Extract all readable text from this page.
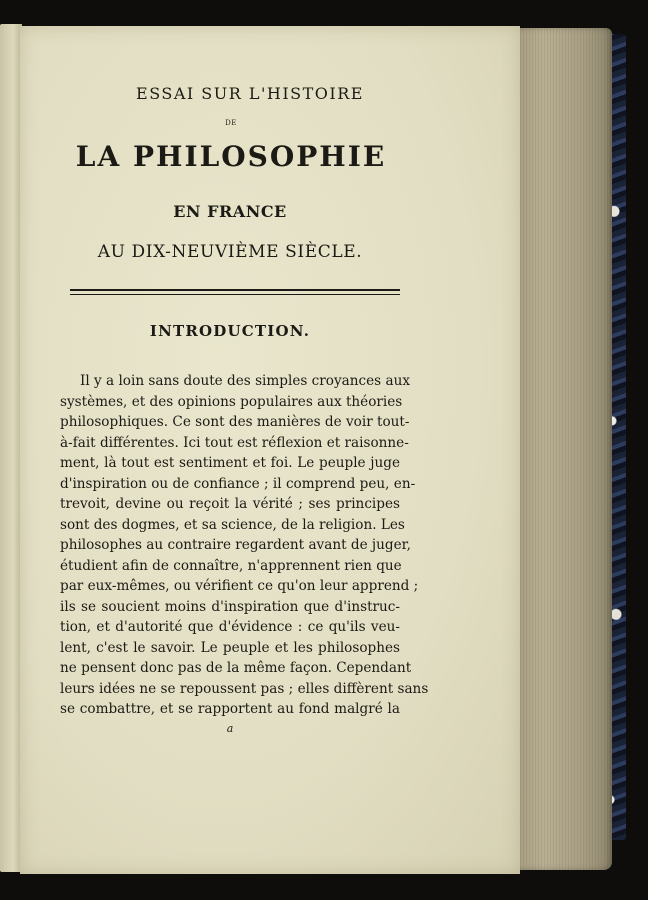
ESSAI SUR L'HISTOIRE
DE
LA PHILOSOPHIE
EN FRANCE
AU DIX-NEUVIÈME SIÈCLE.
INTRODUCTION.
Il y a loin sans doute des simples croyances aux
systèmes, et des opinions populaires aux théories
philosophiques. Ce sont des manières de voir tout-
à-fait différentes. Ici tout est réflexion et raisonne-
ment, là tout est sentiment et foi. Le peuple juge
d'inspiration ou de confiance ; il comprend peu, en-
trevoit, devine ou reçoit la vérité ; ses principes
sont des dogmes, et sa science, de la religion. Les
philosophes au contraire regardent avant de juger,
étudient afin de connaître, n'apprennent rien que
par eux-mêmes, ou vérifient ce qu'on leur apprend ;
ils se soucient moins d'inspiration que d'instruc-
tion, et d'autorité que d'évidence : ce qu'ils veu-
lent, c'est le savoir. Le peuple et les philosophes
ne pensent donc pas de la même façon. Cependant
leurs idées ne se repoussent pas ; elles diffèrent sans
se combattre, et se rapportent au fond malgré la
a
